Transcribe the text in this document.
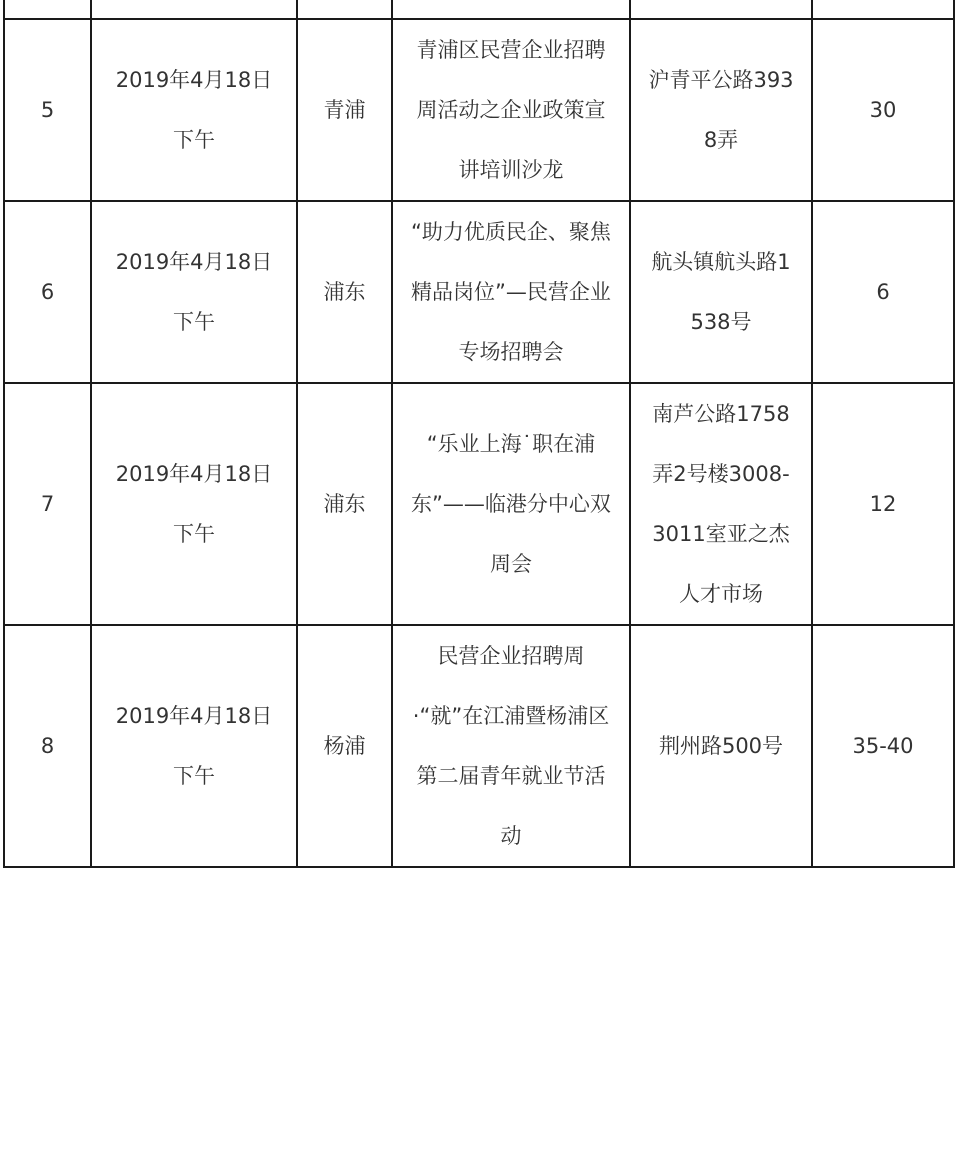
5	2019年4月18日下午	青浦	青浦区民营企业招聘周活动之企业政策宣讲培训沙龙	沪青平公路3938弄	30
6	2019年4月18日下午	浦东	“助力优质民企、聚焦精品岗位”—民营企业专场招聘会	航头镇航头路1538号	6
7	2019年4月18日下午	浦东	“乐业上海˙职在浦东”——临港分中心双周会	南芦公路1758弄2号楼3008-3011室亚之杰人才市场	12
8	2019年4月18日下午	杨浦	民营企业招聘周·“就”在江浦暨杨浦区第二届青年就业节活动	荆州路500号	35-40
